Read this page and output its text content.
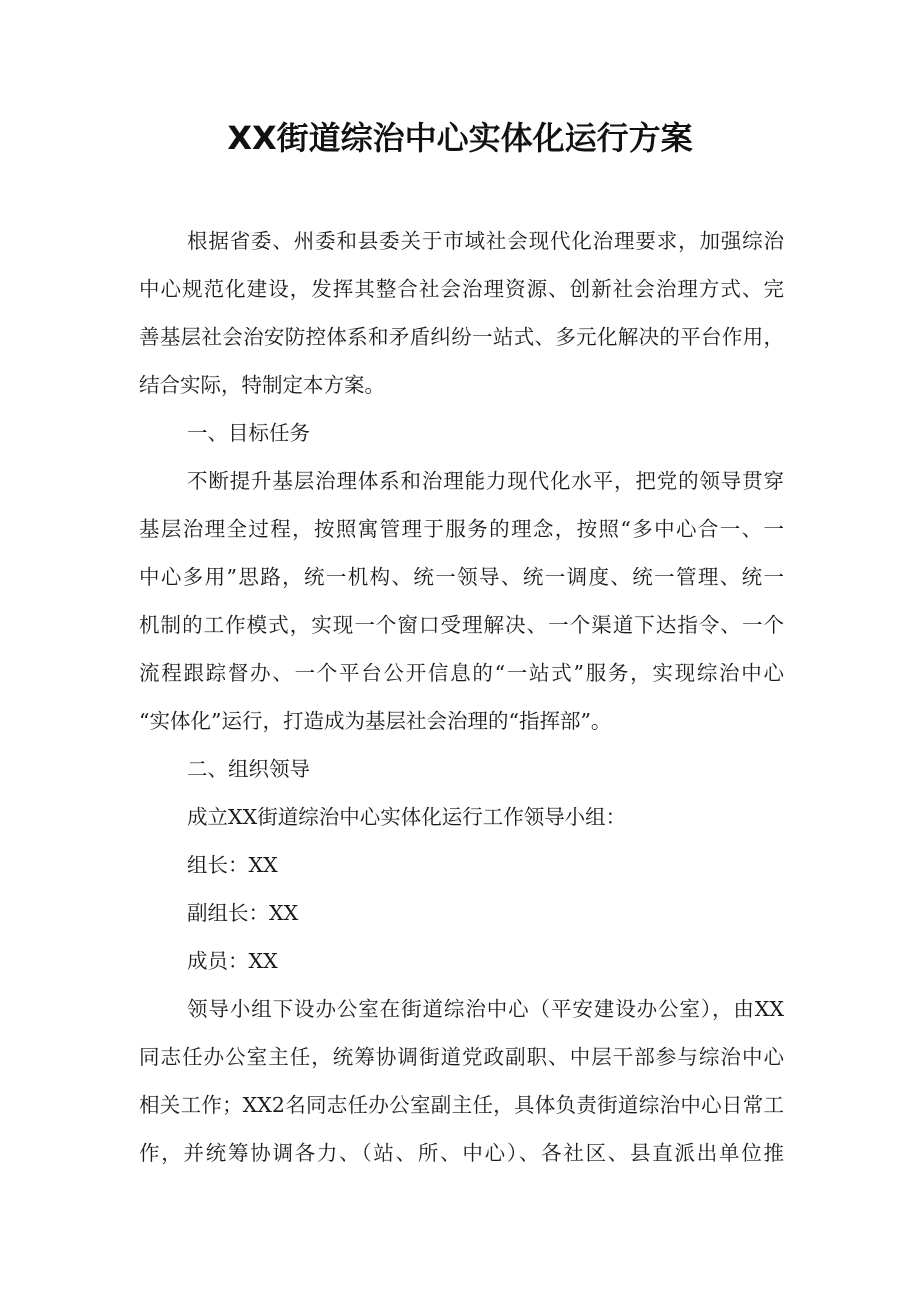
XX街道综治中心实体化运行方案
根据省委、州委和县委关于市域社会现代化治理要求，加强综治
中心规范化建设，发挥其整合社会治理资源、创新社会治理方式、完
善基层社会治安防控体系和矛盾纠纷一站式、多元化解决的平台作用，
结合实际，特制定本方案。
一、目标任务
不断提升基层治理体系和治理能力现代化水平，把党的领导贯穿
基层治理全过程，按照寓管理于服务的理念，按照“多中心合一、一
中心多用”思路，统一机构、统一领导、统一调度、统一管理、统一
机制的工作模式，实现一个窗口受理解决、一个渠道下达指令、一个
流程跟踪督办、一个平台公开信息的“一站式”服务，实现综治中心
“实体化”运行，打造成为基层社会治理的“指挥部”。
二、组织领导
成立XX街道综治中心实体化运行工作领导小组：
组长：XX
副组长：XX
成员：XX
领导小组下设办公室在街道综治中心（平安建设办公室），由XX
同志任办公室主任，统筹协调街道党政副职、中层干部参与综治中心
相关工作；XX2名同志任办公室副主任，具体负责街道综治中心日常工
作，并统筹协调各力、（站、所、中心）、各社区、县直派出单位推
